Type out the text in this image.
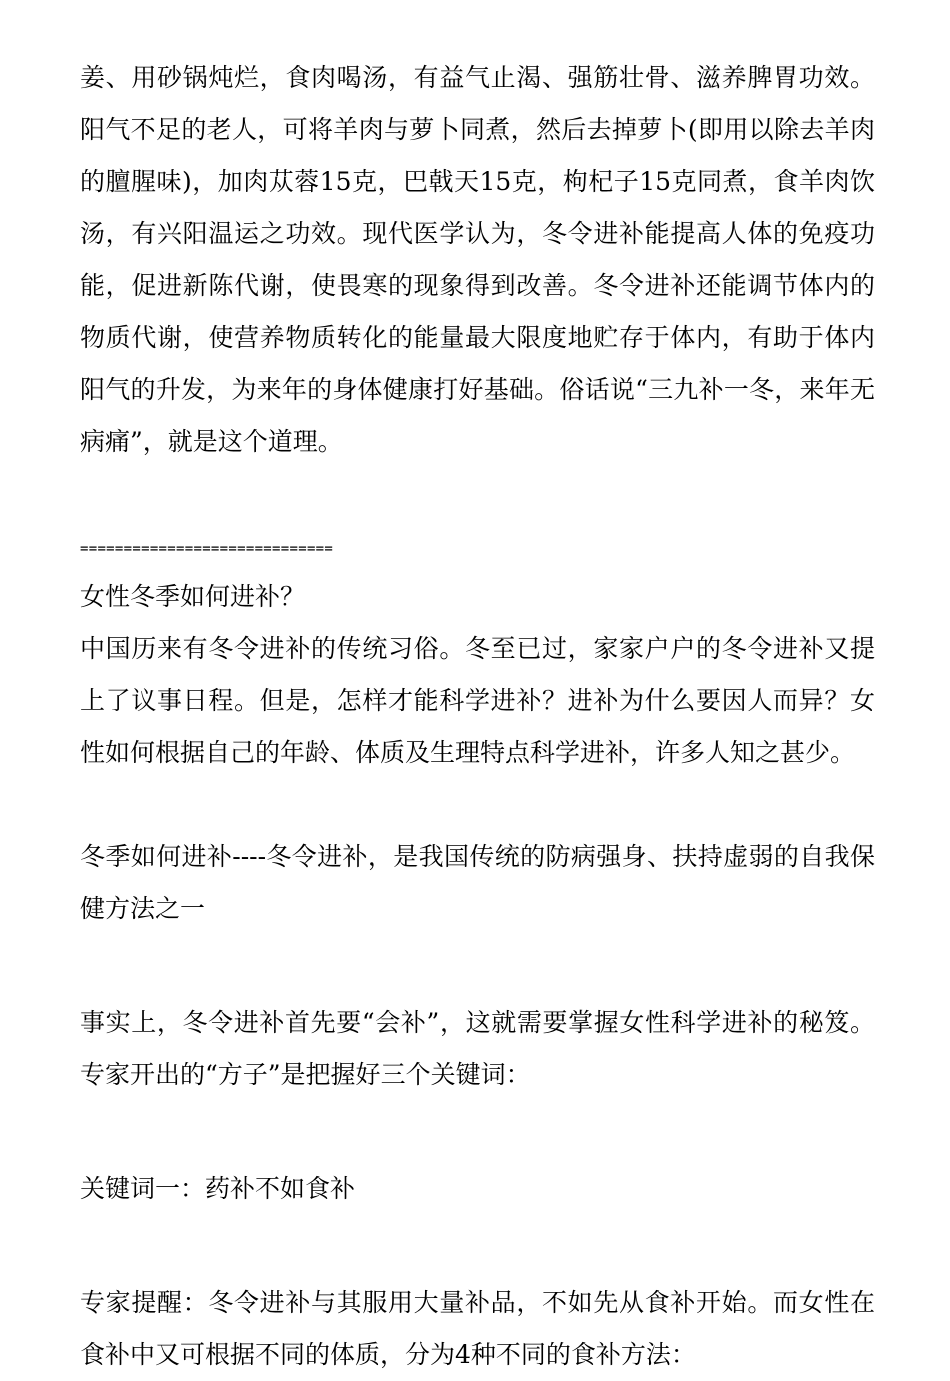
姜、用砂锅炖烂，食肉喝汤，有益气止渴、强筋壮骨、滋养脾胃功效。阳气不足的老人，可将羊肉与萝卜同煮，然后去掉萝卜(即用以除去羊肉的膻腥味)，加肉苁蓉15克，巴戟天15克，枸杞子15克同煮，食羊肉饮汤，有兴阳温运之功效。现代医学认为，冬令进补能提高人体的免疫功能，促进新陈代谢，使畏寒的现象得到改善。冬令进补还能调节体内的物质代谢，使营养物质转化的能量最大限度地贮存于体内，有助于体内阳气的升发，为来年的身体健康打好基础。俗话说“三九补一冬，来年无病痛”，就是这个道理。

=============================

女性冬季如何进补？

中国历来有冬令进补的传统习俗。冬至已过，家家户户的冬令进补又提上了议事日程。但是，怎样才能科学进补？进补为什么要因人而异？女性如何根据自己的年龄、体质及生理特点科学进补，许多人知之甚少。

冬季如何进补----冬令进补，是我国传统的防病强身、扶持虚弱的自我保健方法之一

事实上，冬令进补首先要“会补”，这就需要掌握女性科学进补的秘笈。专家开出的“方子”是把握好三个关键词：

关键词一：药补不如食补

专家提醒：冬令进补与其服用大量补品，不如先从食补开始。而女性在食补中又可根据不同的体质，分为4种不同的食补方法：
